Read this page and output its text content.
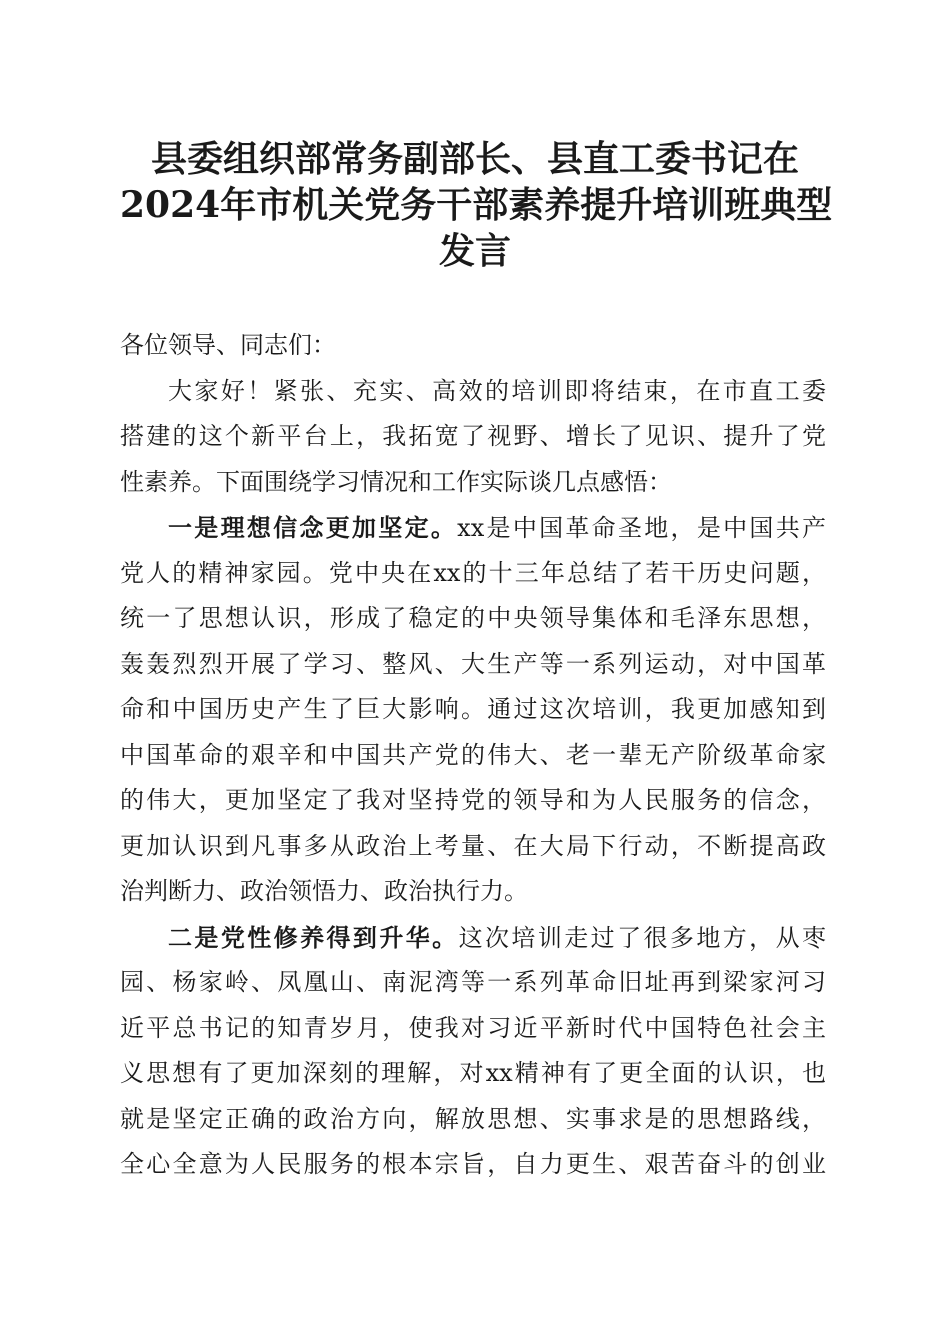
县委组织部常务副部长、县直工委书记在
2024年市机关党务干部素养提升培训班典型
发言
各位领导、同志们：
大家好！紧张、充实、高效的培训即将结束，在市直工委
搭建的这个新平台上，我拓宽了视野、增长了见识、提升了党
性素养。下面围绕学习情况和工作实际谈几点感悟：
一是理想信念更加坚定。xx是中国革命圣地，是中国共产
党人的精神家园。党中央在xx的十三年总结了若干历史问题，
统一了思想认识，形成了稳定的中央领导集体和毛泽东思想，
轰轰烈烈开展了学习、整风、大生产等一系列运动，对中国革
命和中国历史产生了巨大影响。通过这次培训，我更加感知到
中国革命的艰辛和中国共产党的伟大、老一辈无产阶级革命家
的伟大，更加坚定了我对坚持党的领导和为人民服务的信念，
更加认识到凡事多从政治上考量、在大局下行动，不断提高政
治判断力、政治领悟力、政治执行力。
二是党性修养得到升华。这次培训走过了很多地方，从枣
园、杨家岭、凤凰山、南泥湾等一系列革命旧址再到梁家河习
近平总书记的知青岁月，使我对习近平新时代中国特色社会主
义思想有了更加深刻的理解，对xx精神有了更全面的认识，也
就是坚定正确的政治方向，解放思想、实事求是的思想路线，
全心全意为人民服务的根本宗旨，自力更生、艰苦奋斗的创业
